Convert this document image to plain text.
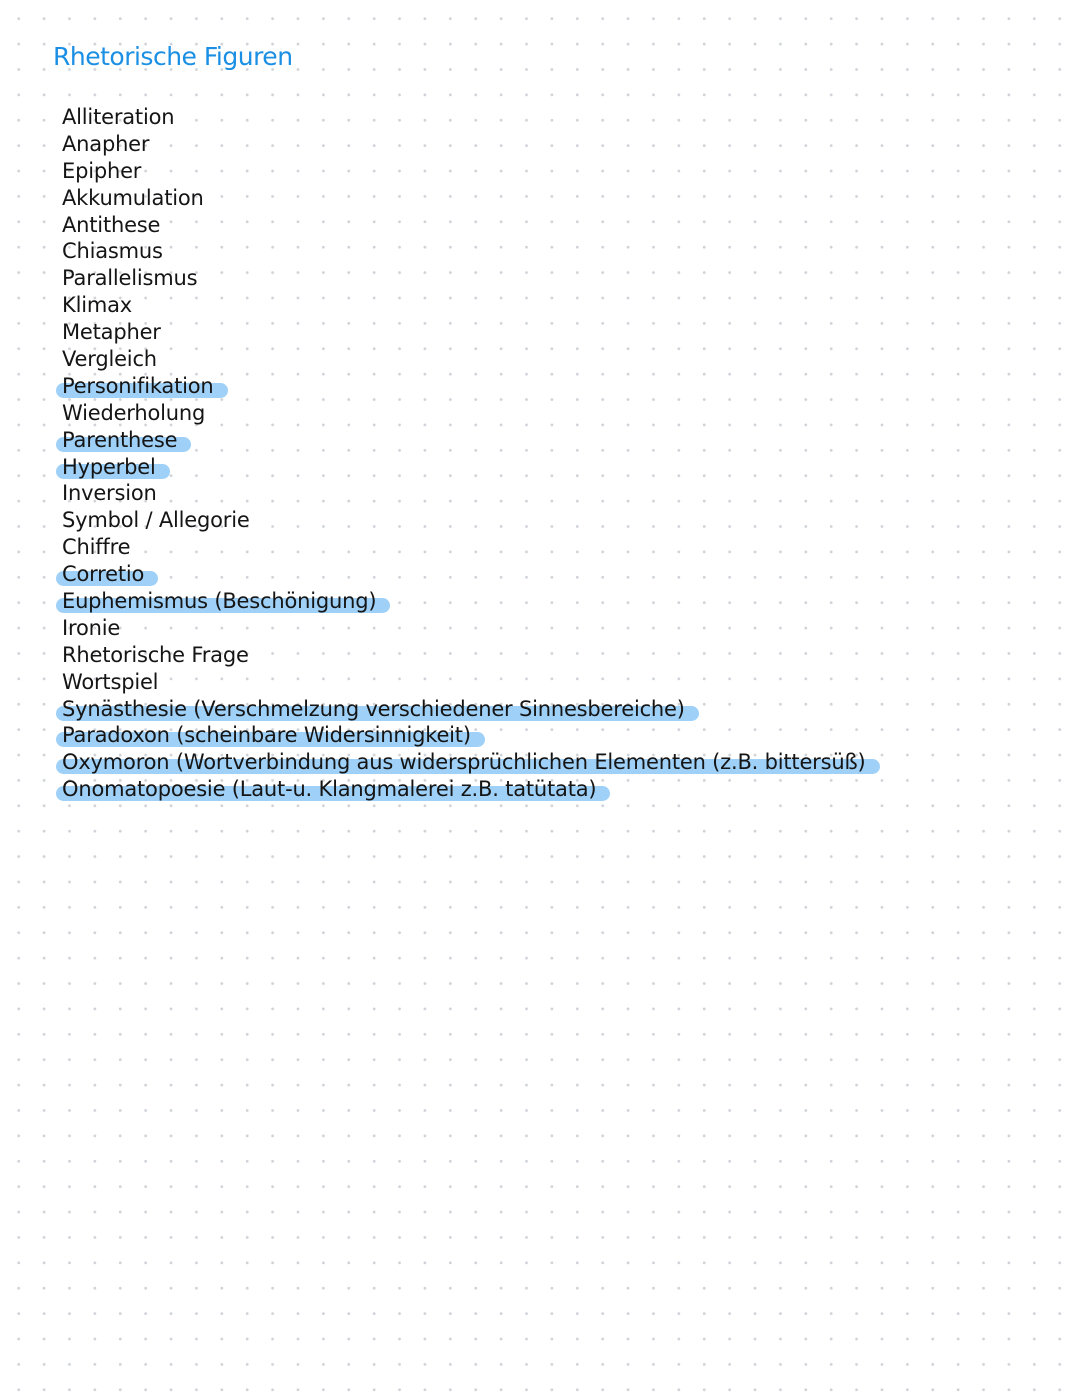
Rhetorische Figuren
Alliteration
Anapher
Epipher
Akkumulation
Antithese
Chiasmus
Parallelismus
Klimax
Metapher
Vergleich
Personifikation
Wiederholung
Parenthese
Hyperbel
Inversion
Symbol / Allegorie
Chiffre
Corretio
Euphemismus (Beschönigung)
Ironie
Rhetorische Frage
Wortspiel
Synästhesie (Verschmelzung verschiedener Sinnesbereiche)
Paradoxon (scheinbare Widersinnigkeit)
Oxymoron (Wortverbindung aus widersprüchlichen Elementen (z.B. bittersüß)
Onomatopoesie (Laut-u. Klangmalerei z.B. tatütata)
